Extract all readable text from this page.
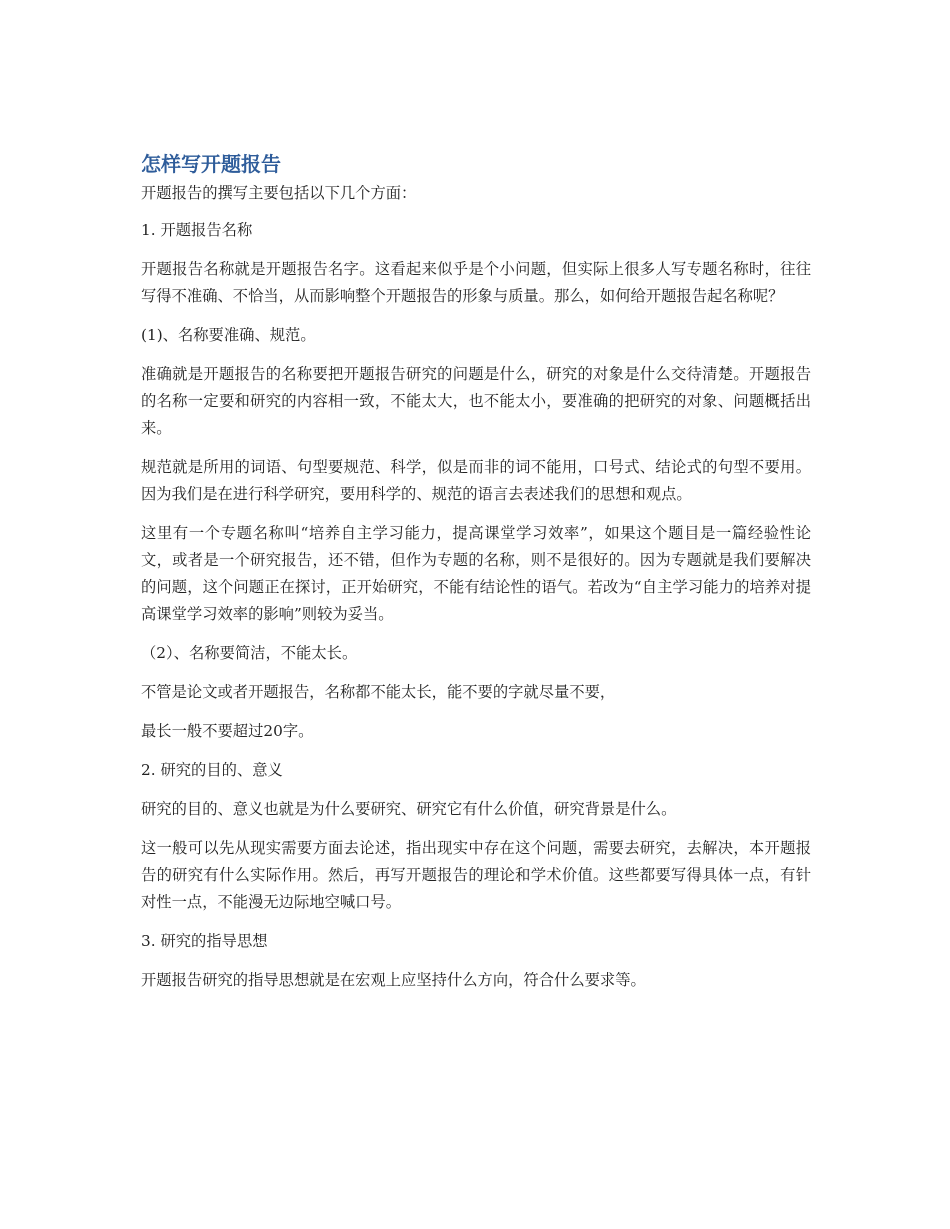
怎样写开题报告

开题报告的撰写主要包括以下几个方面：

1. 开题报告名称

开题报告名称就是开题报告名字。这看起来似乎是个小问题，但实际上很多人写专题名称时，往往写得不准确、不恰当，从而影响整个开题报告的形象与质量。那么，如何给开题报告起名称呢？

(1)、名称要准确、规范。

准确就是开题报告的名称要把开题报告研究的问题是什么，研究的对象是什么交待清楚。开题报告的名称一定要和研究的内容相一致，不能太大，也不能太小，要准确的把研究的对象、问题概括出来。

规范就是所用的词语、句型要规范、科学，似是而非的词不能用，口号式、结论式的句型不要用。因为我们是在进行科学研究，要用科学的、规范的语言去表述我们的思想和观点。

这里有一个专题名称叫“培养自主学习能力，提高课堂学习效率”，如果这个题目是一篇经验性论文，或者是一个研究报告，还不错，但作为专题的名称，则不是很好的。因为专题就是我们要解决的问题，这个问题正在探讨，正开始研究，不能有结论性的语气。若改为“自主学习能力的培养对提高课堂学习效率的影响”则较为妥当。

（2）、名称要简洁，不能太长。

不管是论文或者开题报告，名称都不能太长，能不要的字就尽量不要，

最长一般不要超过20字。

2. 研究的目的、意义

研究的目的、意义也就是为什么要研究、研究它有什么价值，研究背景是什么。

这一般可以先从现实需要方面去论述，指出现实中存在这个问题，需要去研究，去解决，本开题报告的研究有什么实际作用。然后，再写开题报告的理论和学术价值。这些都要写得具体一点，有针对性一点，不能漫无边际地空喊口号。

3. 研究的指导思想

开题报告研究的指导思想就是在宏观上应坚持什么方向，符合什么要求等。
